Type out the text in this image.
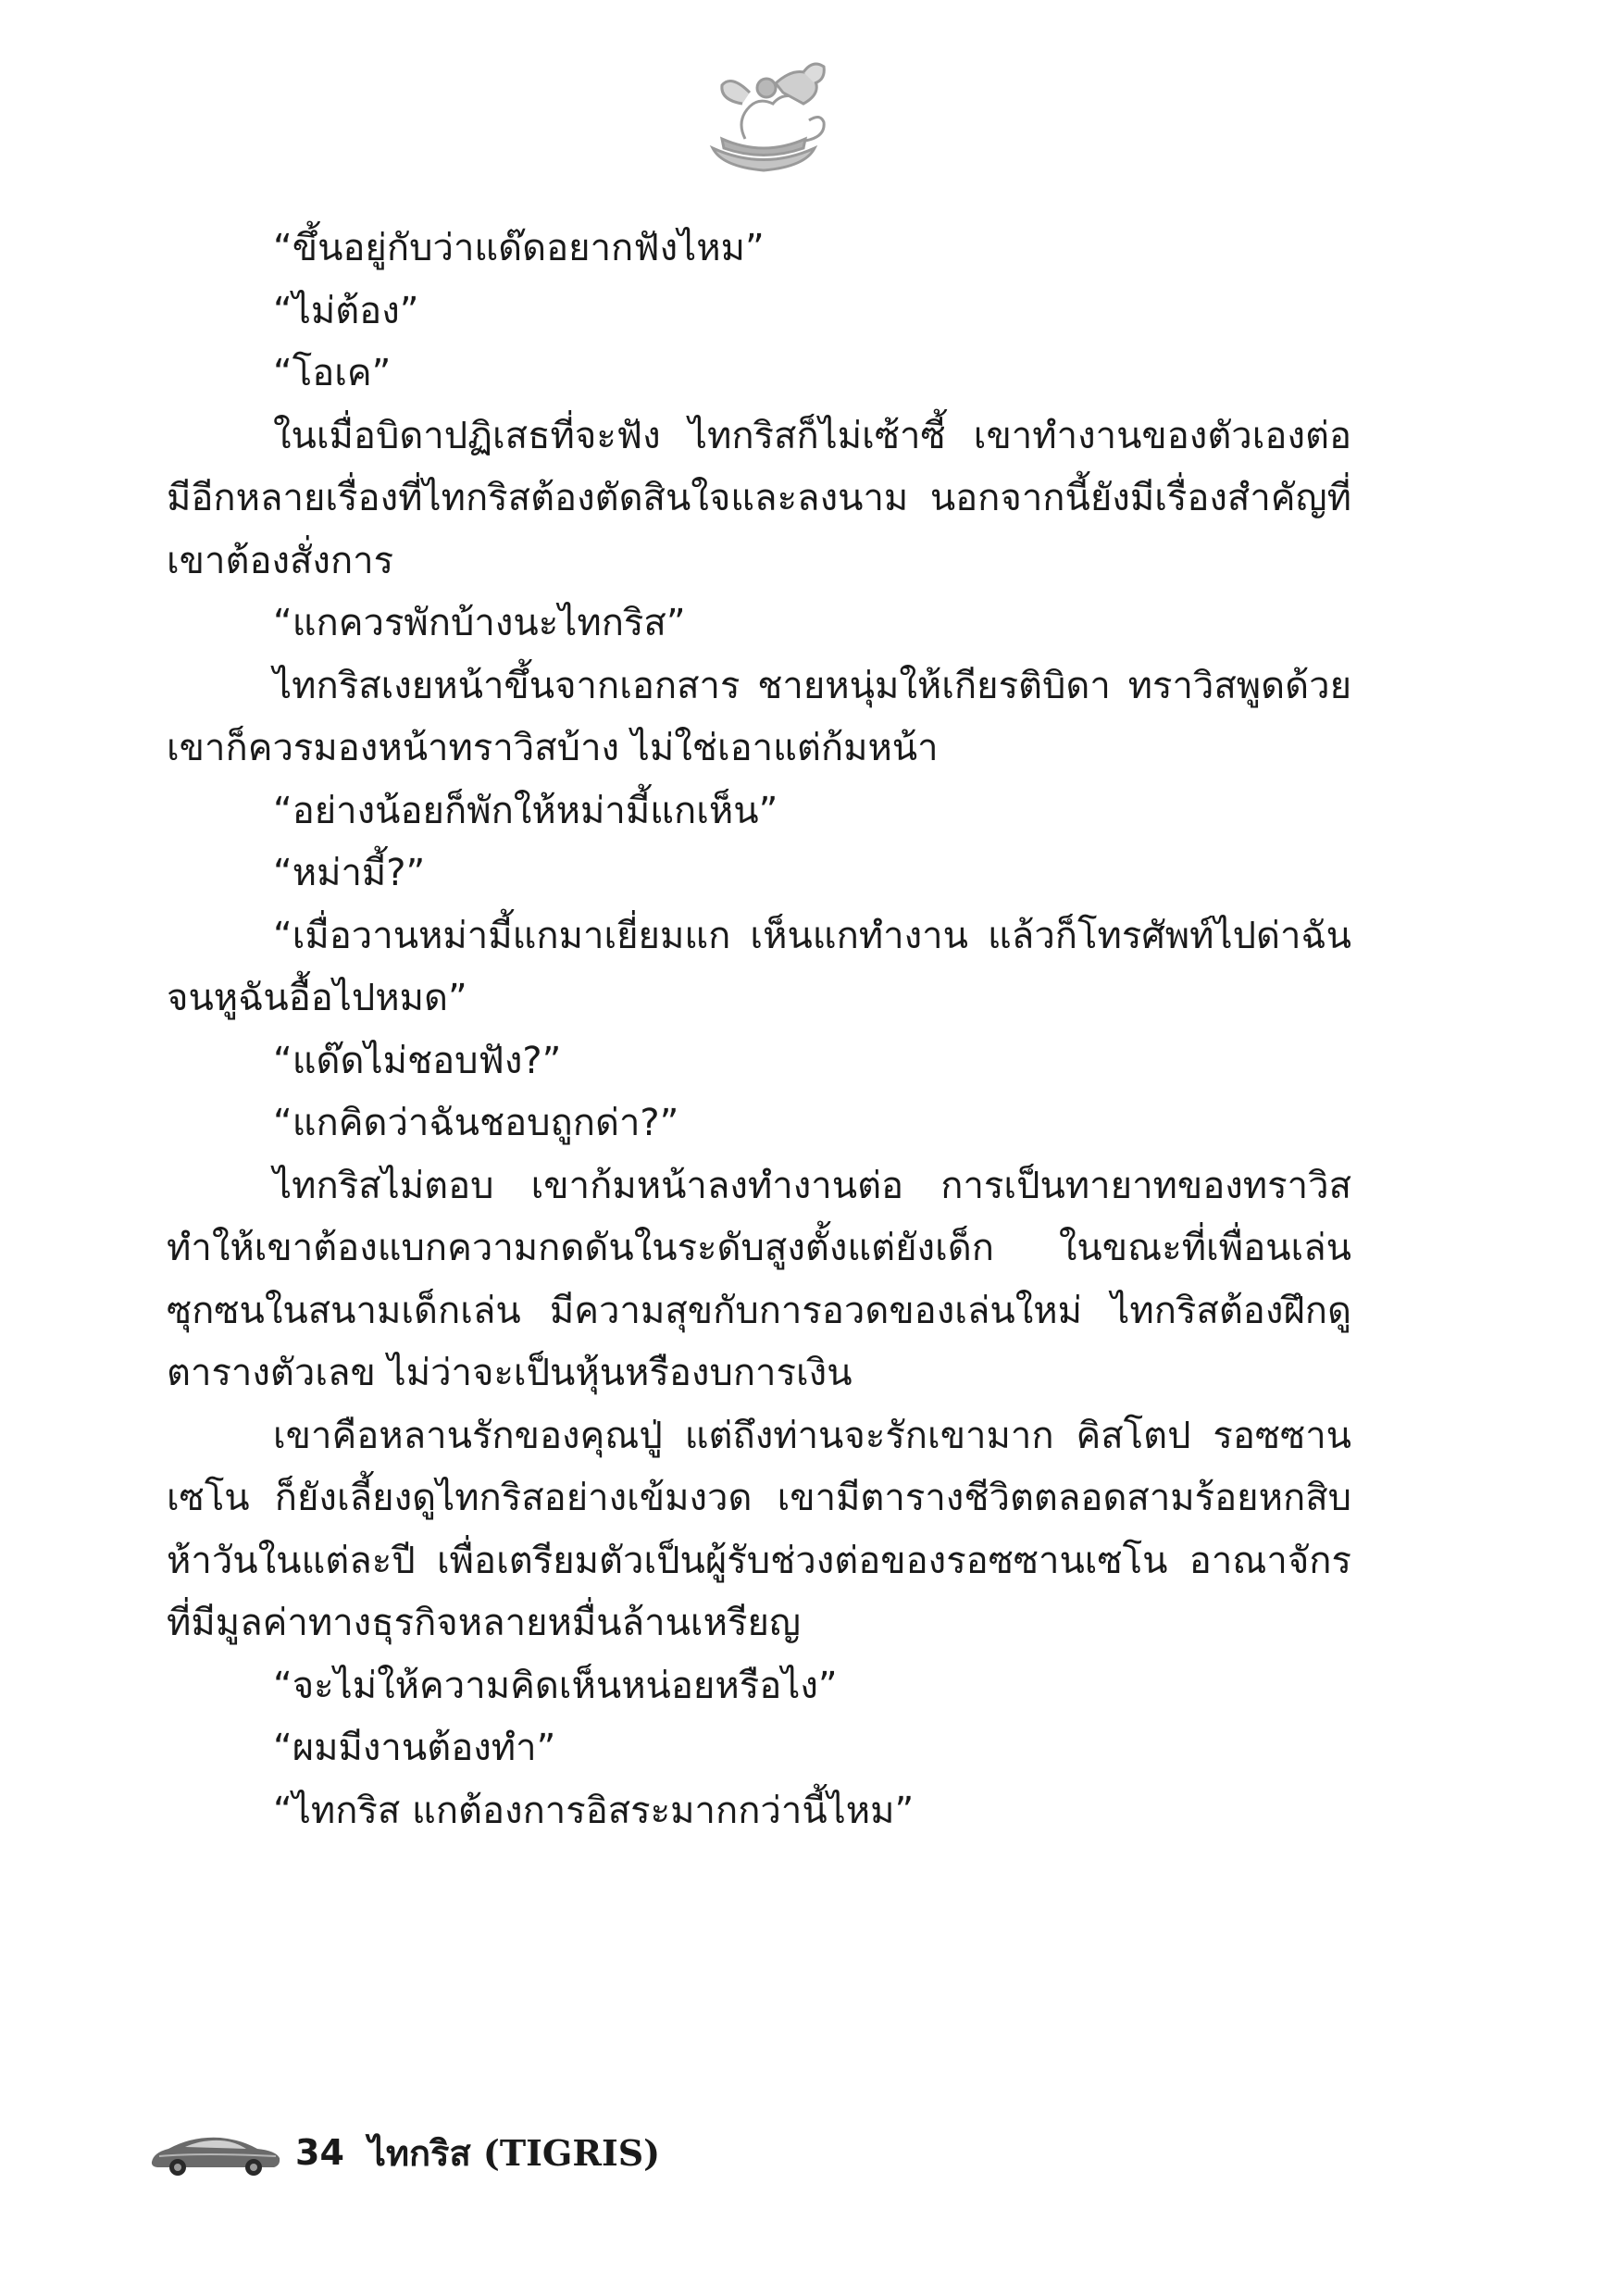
“ขึ้นอยู่กับว่าแด๊ดอยากฟังไหม”

“ไม่ต้อง”

“โอเค”

ในเมื่อบิดาปฏิเสธที่จะฟัง ไทกริสก็ไม่เซ้าซี้ เขาทำงานของตัวเองต่อ มีอีกหลายเรื่องที่ไทกริสต้องตัดสินใจและลงนาม นอกจากนี้ยังมีเรื่องสำคัญที่เขาต้องสั่งการ

“แกควรพักบ้างนะไทกริส”

ไทกริสเงยหน้าขึ้นจากเอกสาร ชายหนุ่มให้เกียรติบิดา ทราวิสพูดด้วย เขาก็ควรมองหน้าทราวิสบ้าง ไม่ใช่เอาแต่ก้มหน้า

“อย่างน้อยก็พักให้หม่ามี้แกเห็น”

“หม่ามี้?”

“เมื่อวานหม่ามี้แกมาเยี่ยมแก เห็นแกทำงาน แล้วก็โทรศัพท์ไปด่าฉันจนหูฉันอื้อไปหมด”

“แด๊ดไม่ชอบฟัง?”

“แกคิดว่าฉันชอบถูกด่า?”

ไทกริสไม่ตอบ เขาก้มหน้าลงทำงานต่อ การเป็นทายาทของทราวิสทำให้เขาต้องแบกความกดดันในระดับสูงตั้งแต่ยังเด็ก ในขณะที่เพื่อนเล่นซุกซนในสนามเด็กเล่น มีความสุขกับการอวดของเล่นใหม่ ไทกริสต้องฝึกดูตารางตัวเลข ไม่ว่าจะเป็นหุ้นหรืองบการเงิน

เขาคือหลานรักของคุณปู่ แต่ถึงท่านจะรักเขามาก คิสโตป รอซซานเซโน ก็ยังเลี้ยงดูไทกริสอย่างเข้มงวด เขามีตารางชีวิตตลอดสามร้อยหกสิบห้าวันในแต่ละปี เพื่อเตรียมตัวเป็นผู้รับช่วงต่อของรอซซานเซโน อาณาจักรที่มีมูลค่าทางธุรกิจหลายหมื่นล้านเหรียญ

“จะไม่ให้ความคิดเห็นหน่อยหรือไง”

“ผมมีงานต้องทำ”

“ไทกริส แกต้องการอิสระมากกว่านี้ไหม”

34 ไทกริส (TIGRIS)
